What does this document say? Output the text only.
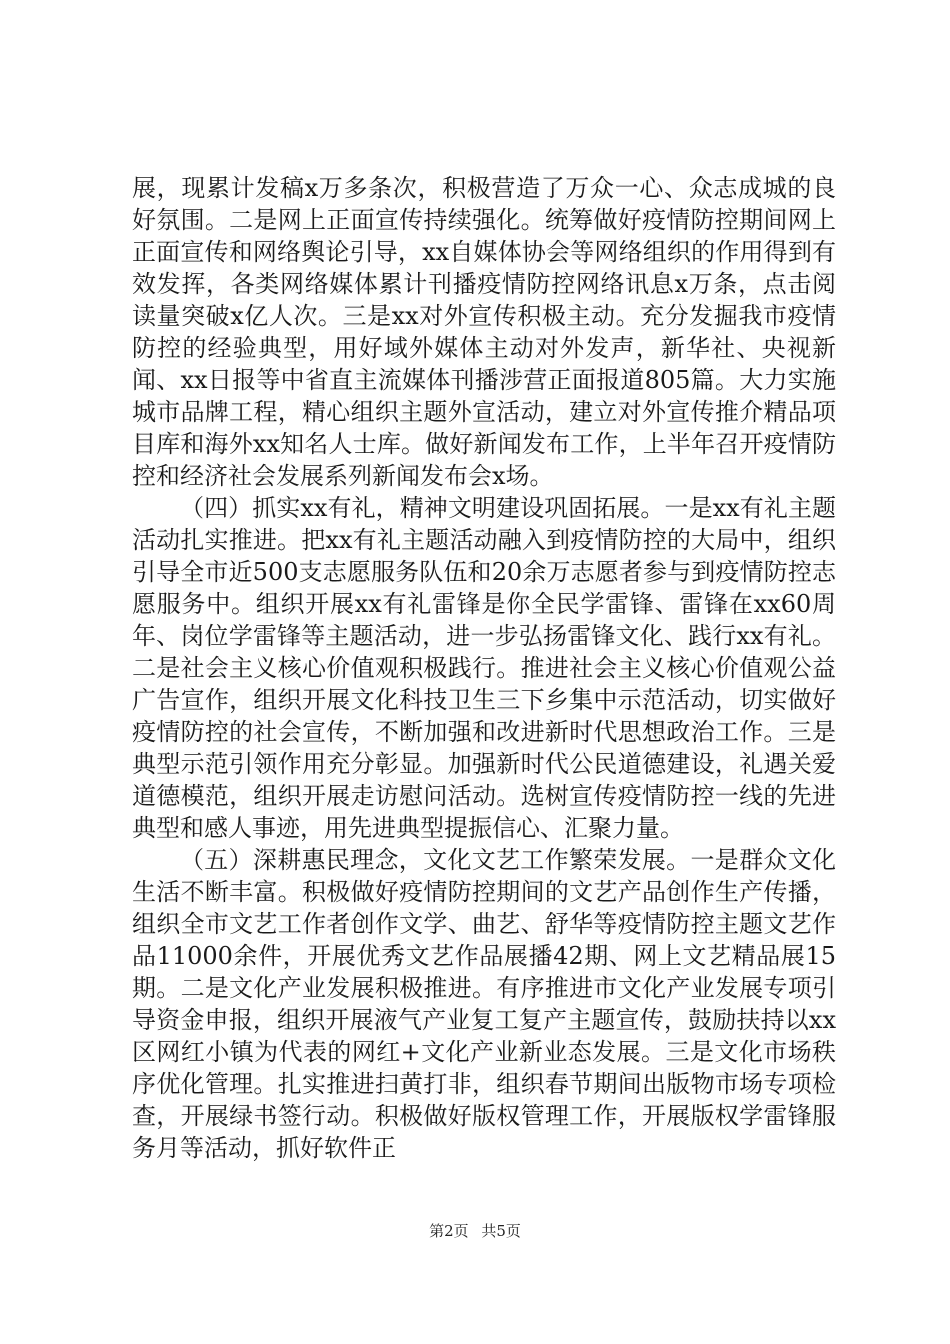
展，现累计发稿x万多条次，积极营造了万众一心、众志成城的良好氛围。二是网上正面宣传持续强化。统筹做好疫情防控期间网上正面宣传和网络舆论引导，xx自媒体协会等网络组织的作用得到有效发挥，各类网络媒体累计刊播疫情防控网络讯息x万条，点击阅读量突破x亿人次。三是xx对外宣传积极主动。充分发掘我市疫情防控的经验典型，用好域外媒体主动对外发声，新华社、央视新闻、xx日报等中省直主流媒体刊播涉营正面报道805篇。大力实施城市品牌工程，精心组织主题外宣活动，建立对外宣传推介精品项目库和海外xx知名人士库。做好新闻发布工作，上半年召开疫情防控和经济社会发展系列新闻发布会x场。

（四）抓实xx有礼，精神文明建设巩固拓展。一是xx有礼主题活动扎实推进。把xx有礼主题活动融入到疫情防控的大局中，组织引导全市近500支志愿服务队伍和20余万志愿者参与到疫情防控志愿服务中。组织开展xx有礼雷锋是你全民学雷锋、雷锋在xx60周年、岗位学雷锋等主题活动，进一步弘扬雷锋文化、践行xx有礼。二是社会主义核心价值观积极践行。推进社会主义核心价值观公益广告宣作，组织开展文化科技卫生三下乡集中示范活动，切实做好疫情防控的社会宣传，不断加强和改进新时代思想政治工作。三是典型示范引领作用充分彰显。加强新时代公民道德建设，礼遇关爱道德模范，组织开展走访慰问活动。选树宣传疫情防控一线的先进典型和感人事迹，用先进典型提振信心、汇聚力量。

（五）深耕惠民理念，文化文艺工作繁荣发展。一是群众文化生活不断丰富。积极做好疫情防控期间的文艺产品创作生产传播，组织全市文艺工作者创作文学、曲艺、舒华等疫情防控主题文艺作品11000余件，开展优秀文艺作品展播42期、网上文艺精品展15期。二是文化产业发展积极推进。有序推进市文化产业发展专项引导资金申报，组织开展液气产业复工复产主题宣传，鼓励扶持以xx区网红小镇为代表的网红+文化产业新业态发展。三是文化市场秩序优化管理。扎实推进扫黄打非，组织春节期间出版物市场专项检查，开展绿书签行动。积极做好版权管理工作，开展版权学雷锋服务月等活动，抓好软件正

第2页 共5页
